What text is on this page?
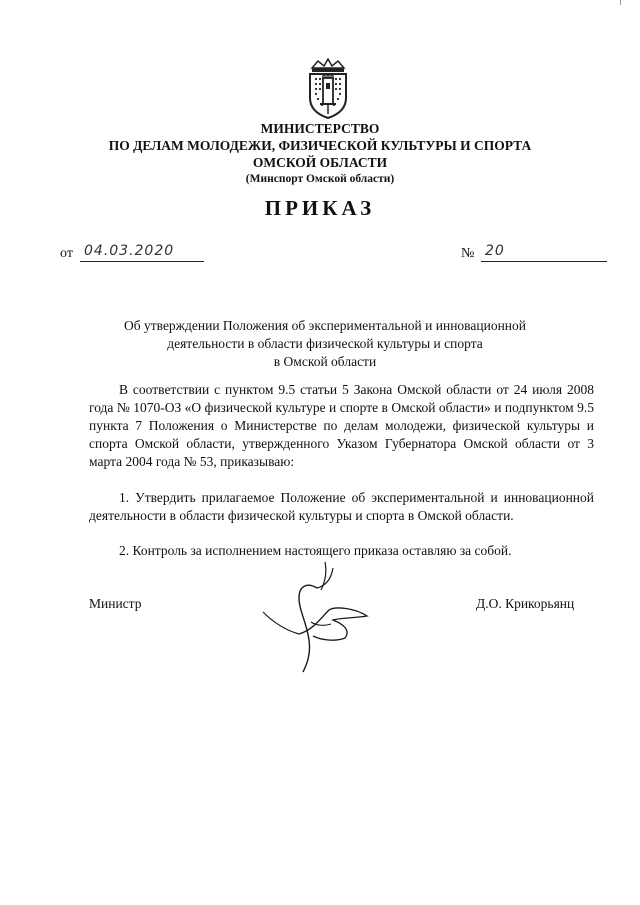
МИНИСТЕРСТВО
ПО ДЕЛАМ МОЛОДЕЖИ, ФИЗИЧЕСКОЙ КУЛЬТУРЫ И СПОРТА
ОМСКОЙ ОБЛАСТИ
(Минспорт Омской области)
ПРИКАЗ
от 04.03.2020	№ 20
Об утверждении Положения об экспериментальной и инновационной
деятельности в области физической культуры и спорта
в Омской области
В соответствии с пунктом 9.5 статьи 5 Закона Омской области от 24 июля 2008 года № 1070-ОЗ «О физической культуре и спорте в Омской области» и подпунктом 9.5 пункта 7 Положения о Министерстве по делам молодежи, физической культуры и спорта Омской области, утвержденного Указом Губернатора Омской области от 3 марта 2004 года № 53, приказываю:
1. Утвердить прилагаемое Положение об экспериментальной и инновационной деятельности в области физической культуры и спорта в Омской области.
2. Контроль за исполнением настоящего приказа оставляю за собой.
Министр	Д.О. Крикорьянц
